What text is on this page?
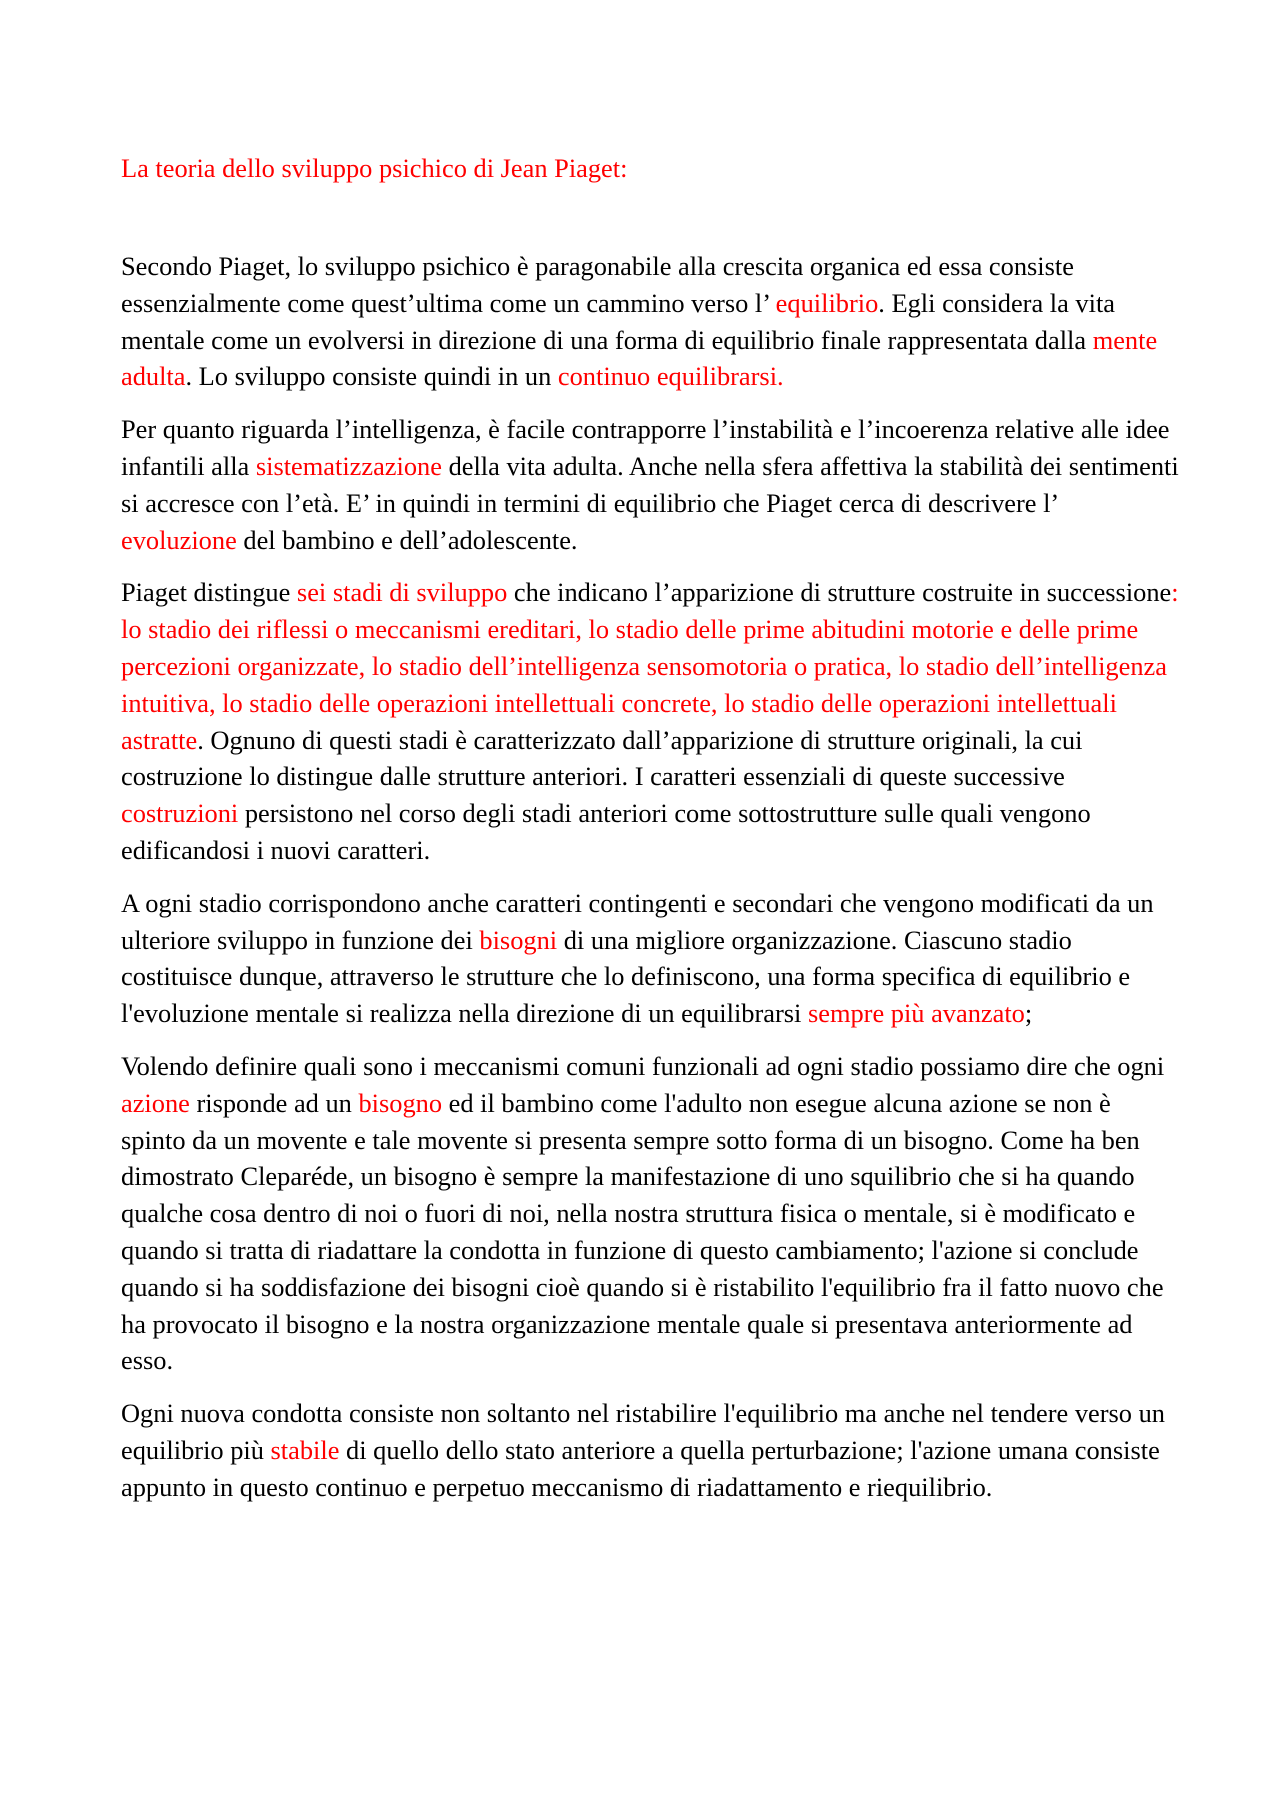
La teoria dello sviluppo psichico di Jean Piaget:

Secondo Piaget, lo sviluppo psichico è paragonabile alla crescita organica ed essa consiste essenzialmente come quest’ultima come un cammino verso l’ equilibrio. Egli considera la vita mentale come un evolversi in direzione di una forma di equilibrio finale rappresentata dalla mente adulta. Lo sviluppo consiste quindi in un continuo equilibrarsi.

Per quanto riguarda l’intelligenza, è facile contrapporre l’instabilità e l’incoerenza relative alle idee infantili alla sistematizzazione della vita adulta. Anche nella sfera affettiva la stabilità dei sentimenti si accresce con l’età. E’ in quindi in termini di equilibrio che Piaget cerca di descrivere l’ evoluzione del bambino e dell’adolescente.

Piaget distingue sei stadi di sviluppo che indicano l’apparizione di strutture costruite in successione: lo stadio dei riflessi o meccanismi ereditari, lo stadio delle prime abitudini motorie e delle prime percezioni organizzate, lo stadio dell’intelligenza sensomotoria o pratica, lo stadio dell’intelligenza intuitiva, lo stadio delle operazioni intellettuali concrete, lo stadio delle operazioni intellettuali astratte. Ognuno di questi stadi è caratterizzato dall’apparizione di strutture originali, la cui costruzione lo distingue dalle strutture anteriori. I caratteri essenziali di queste successive costruzioni persistono nel corso degli stadi anteriori come sottostrutture sulle quali vengono edificandosi i nuovi caratteri.

A ogni stadio corrispondono anche caratteri contingenti e secondari che vengono modificati da un ulteriore sviluppo in funzione dei bisogni di una migliore organizzazione. Ciascuno stadio costituisce dunque, attraverso le strutture che lo definiscono, una forma specifica di equilibrio e l'evoluzione mentale si realizza nella direzione di un equilibrarsi sempre più avanzato;

Volendo definire quali sono i meccanismi comuni funzionali ad ogni stadio possiamo dire che ogni azione risponde ad un bisogno ed il bambino come l'adulto non esegue alcuna azione se non è spinto da un movente e tale movente si presenta sempre sotto forma di un bisogno. Come ha ben dimostrato Cleparéde, un bisogno è sempre la manifestazione di uno squilibrio che si ha quando qualche cosa dentro di noi o fuori di noi, nella nostra struttura fisica o mentale, si è modificato e quando si tratta di riadattare la condotta in funzione di questo cambiamento; l'azione si conclude quando si ha soddisfazione dei bisogni cioè quando si è ristabilito l'equilibrio fra il fatto nuovo che ha provocato il bisogno e la nostra organizzazione mentale quale si presentava anteriormente ad esso.

Ogni nuova condotta consiste non soltanto nel ristabilire l'equilibrio ma anche nel tendere verso un equilibrio più stabile di quello dello stato anteriore a quella perturbazione; l'azione umana consiste appunto in questo continuo e perpetuo meccanismo di riadattamento e riequilibrio.
